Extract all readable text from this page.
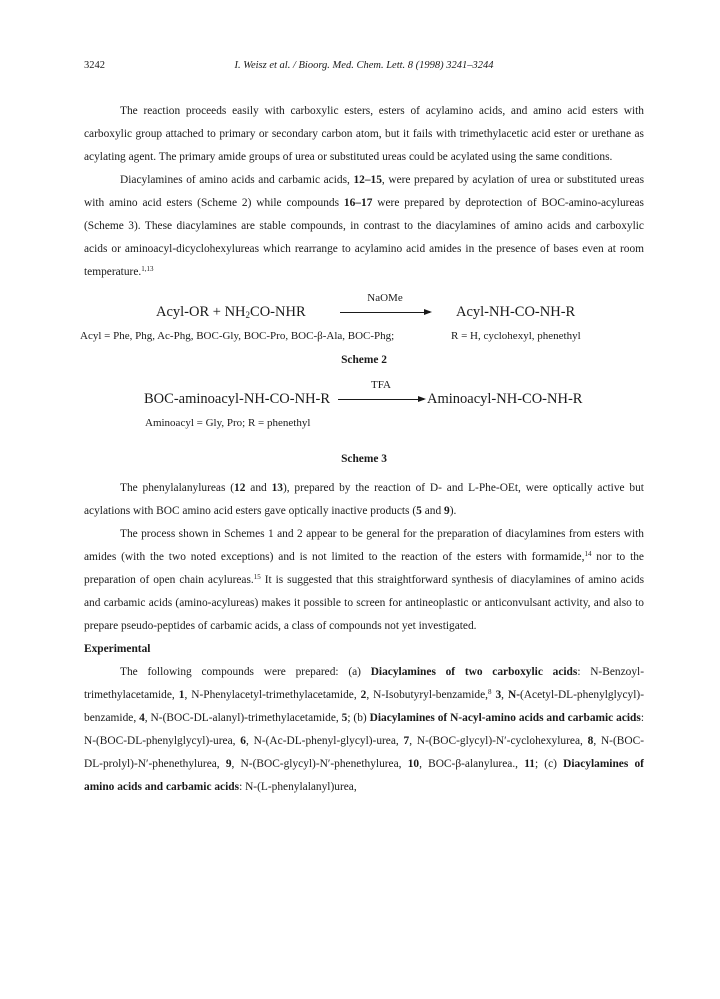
3242	I. Weisz et al. / Bioorg. Med. Chem. Lett. 8 (1998) 3241–3244

The reaction proceeds easily with carboxylic esters, esters of acylamino acids, and amino acid esters with carboxylic group attached to primary or secondary carbon atom, but it fails with trimethylacetic acid ester or urethane as acylating agent. The primary amide groups of urea or substituted ureas could be acylated using the same conditions.

Diacylamines of amino acids and carbamic acids, 12–15, were prepared by acylation of urea or substituted ureas with amino acid esters (Scheme 2) while compounds 16–17 were prepared by deprotection of BOC-amino-acylureas (Scheme 3). These diacylamines are stable compounds, in contrast to the diacylamines of amino acids and carboxylic acids or aminoacyl-dicyclohexylureas which rearrange to acylamino acid amides in the presence of bases even at room temperature.$^{1,13}$

Acyl-OR + $NH_2CO$-NHR
NaOMe
Acyl-NH-CO-NH-R
Acyl = Phe, Phg, Ac-Phg, BOC-Gly, BOC-Pro, BOC-β-Ala, BOC-Phg;	R = H, cyclohexyl, phenethyl
Scheme 2
BOC-aminoacyl-NH-CO-NH-R
TFA
Aminoacyl-NH-CO-NH-R
Aminoacyl = Gly, Pro; R = phenethyl
Scheme 3

The phenylalanylureas (12 and 13), prepared by the reaction of D- and L-Phe-OEt, were optically active but acylations with BOC amino acid esters gave optically inactive products (5 and 9).

The process shown in Schemes 1 and 2 appear to be general for the preparation of diacylamines from esters with amides (with the two noted exceptions) and is not limited to the reaction of the esters with formamide,$^{14}$ nor to the preparation of open chain acylureas.$^{15}$ It is suggested that this straightforward synthesis of diacylamines of amino acids and carbamic acids (amino-acylureas) makes it possible to screen for antineoplastic or anticonvulsant activity, and also to prepare pseudo-peptides of carbamic acids, a class of compounds not yet investigated.

Experimental

The following compounds were prepared: (a) Diacylamines of two carboxylic acids: N-Benzoyl-trimethylacetamide, 1, N-Phenylacetyl-trimethylacetamide, 2, N-Isobutyryl-benzamide,$^8$ 3, N-(Acetyl-DL-phenylglycyl)-benzamide, 4, N-(BOC-DL-alanyl)-trimethylacetamide, 5; (b) Diacylamines of N-acyl-amino acids and carbamic acids: N-(BOC-DL-phenylglycyl)-urea, 6, N-(Ac-DL-phenyl-glycyl)-urea, 7, N-(BOC-glycyl)-N′-cyclohexylurea, 8, N-(BOC-DL-prolyl)-N′-phenethylurea, 9, N-(BOC-glycyl)-N′-phenethylurea, 10, BOC-β-alanylurea., 11; (c) Diacylamines of amino acids and carbamic acids: N-(L-phenylalanyl)urea,
